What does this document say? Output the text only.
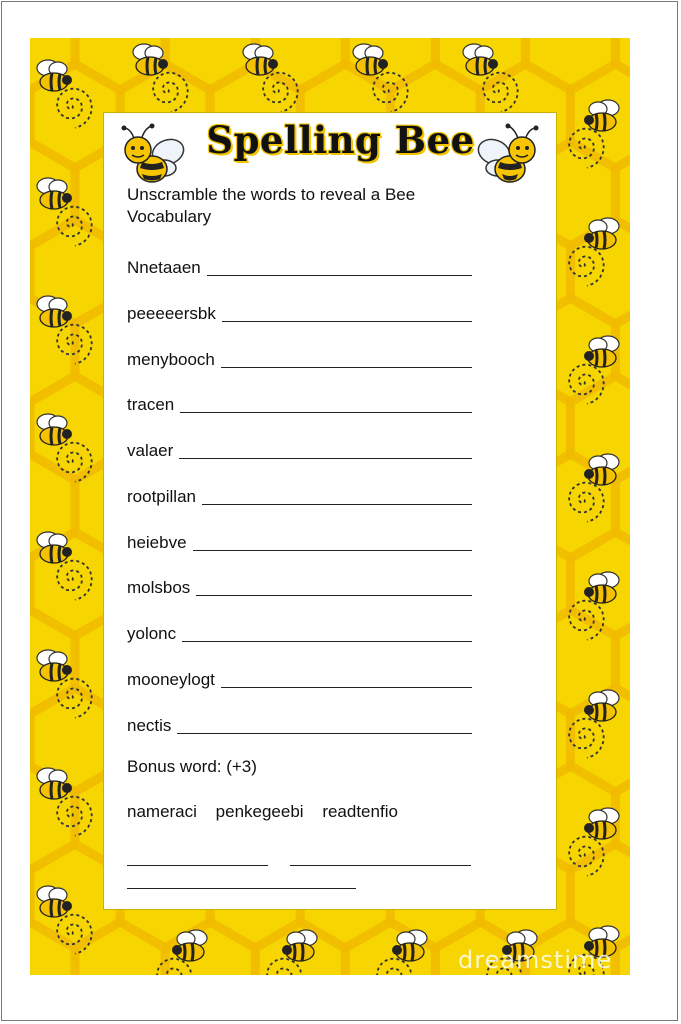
Spelling Bee

Unscramble the words to reveal a Bee Vocabulary

Nnetaaen
peeeeersbk
menybooch
tracen
valaer
rootpillan
heiebve
molsbos
yolonc
mooneylogt
nectis

Bonus word: (+3)

nameraci penkegeebi readtenfio

dreamstime
